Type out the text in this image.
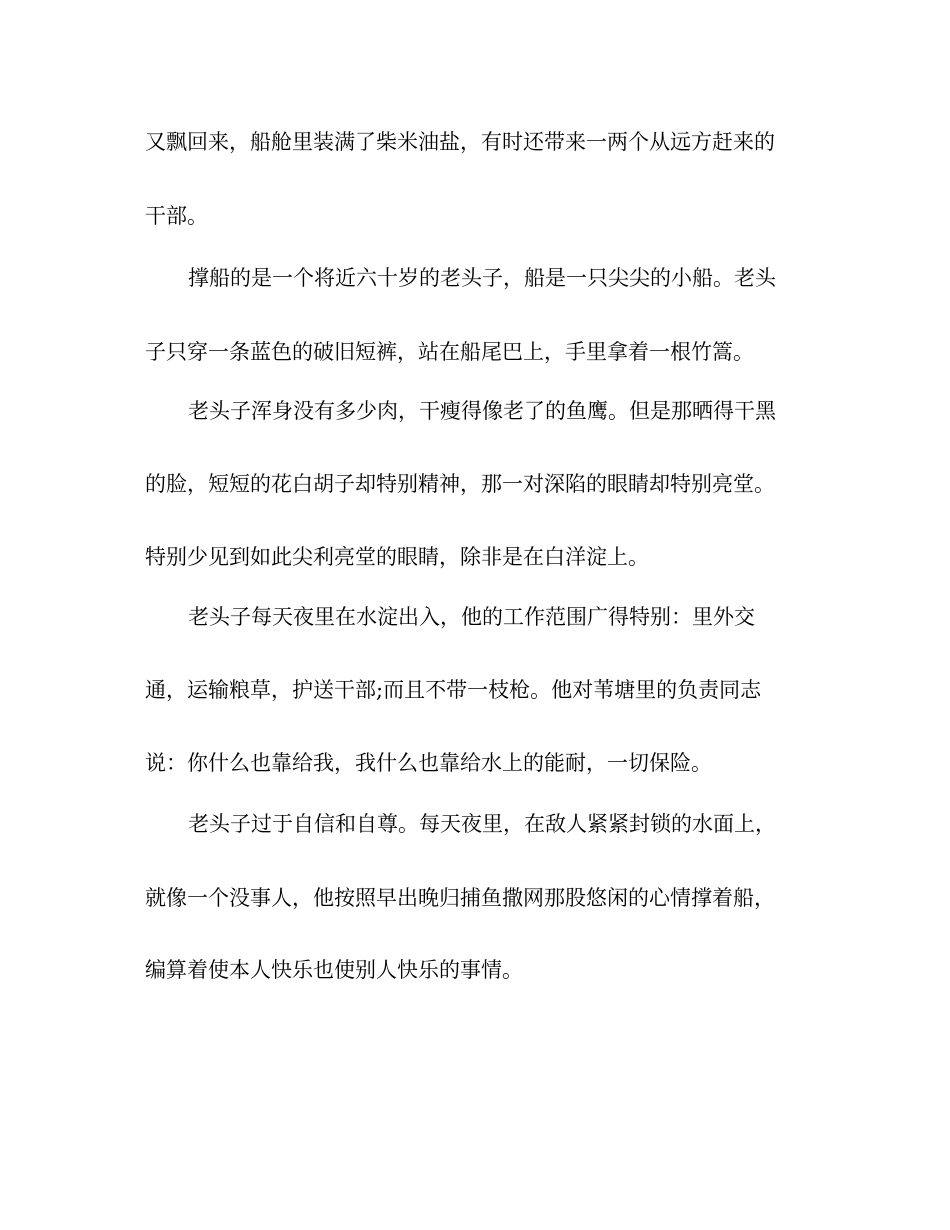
又飘回来，船舱里装满了柴米油盐，有时还带来一两个从远方赶来的
干部。
撑船的是一个将近六十岁的老头子，船是一只尖尖的小船。老头
子只穿一条蓝色的破旧短裤，站在船尾巴上，手里拿着一根竹篙。
老头子浑身没有多少肉，干瘦得像老了的鱼鹰。但是那晒得干黑
的脸，短短的花白胡子却特别精神，那一对深陷的眼睛却特别亮堂。
特别少见到如此尖利亮堂的眼睛，除非是在白洋淀上。
老头子每天夜里在水淀出入，他的工作范围广得特别：里外交
通，运输粮草，护送干部;而且不带一枝枪。他对苇塘里的负责同志
说：你什么也靠给我，我什么也靠给水上的能耐，一切保险。
老头子过于自信和自尊。每天夜里，在敌人紧紧封锁的水面上，
就像一个没事人，他按照早出晚归捕鱼撒网那股悠闲的心情撑着船，
编算着使本人快乐也使别人快乐的事情。
